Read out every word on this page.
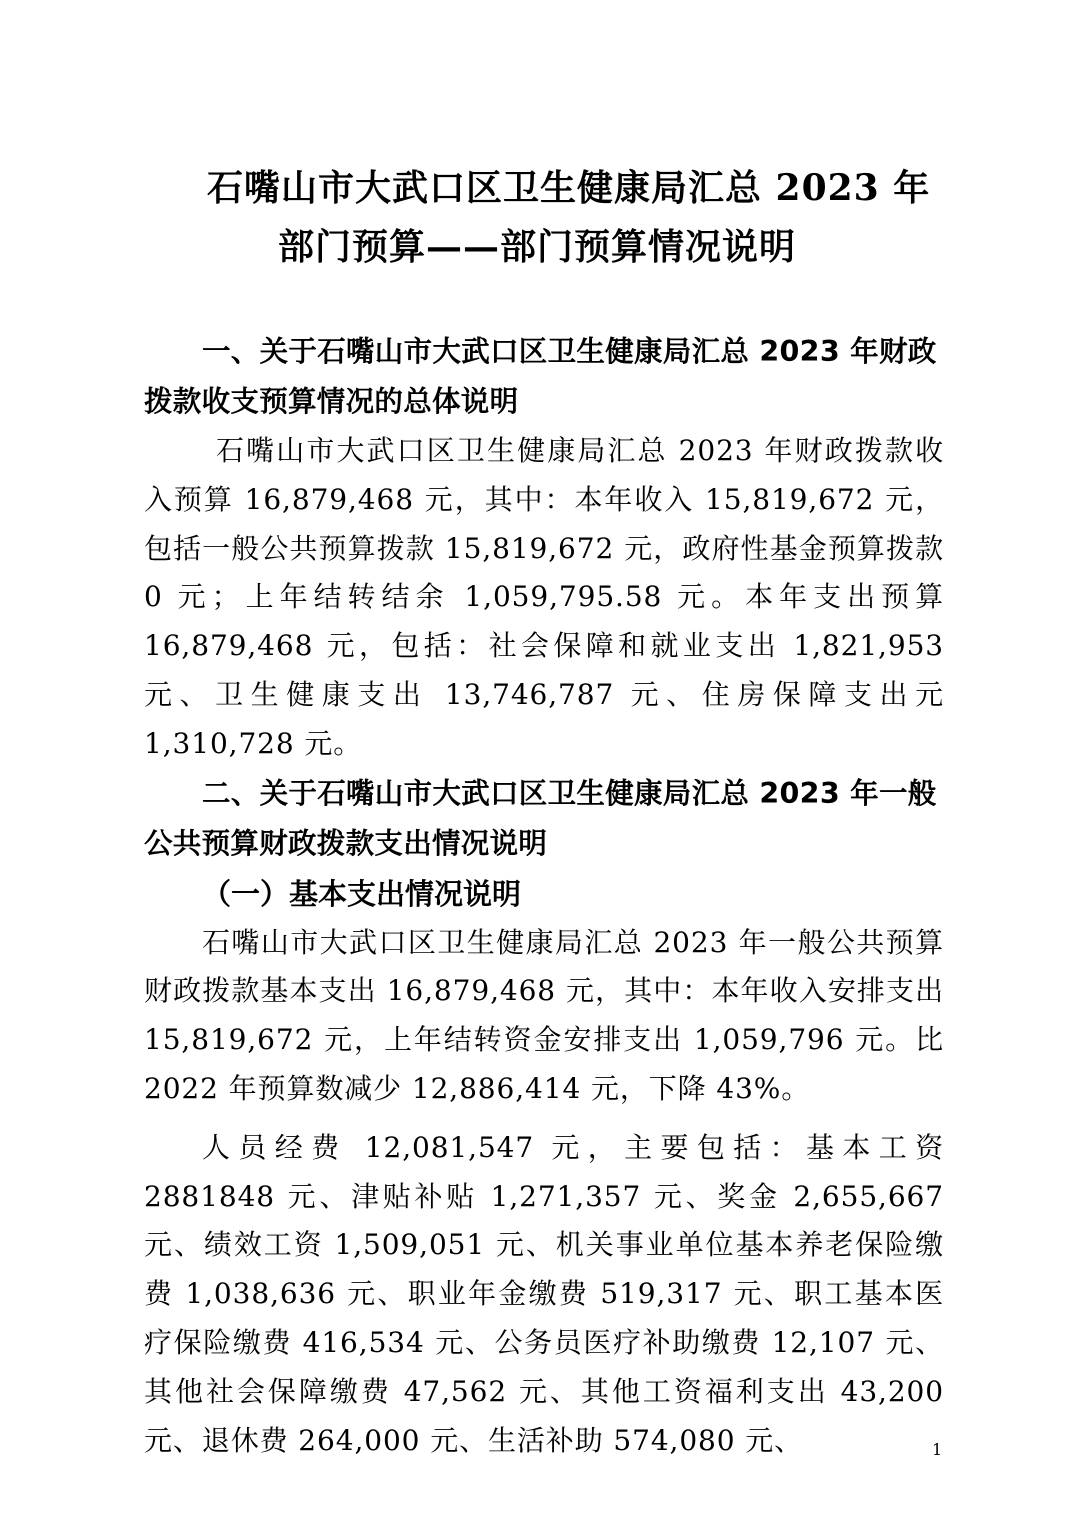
石嘴山市大武口区卫生健康局汇总 2023 年
部门预算——部门预算情况说明

一、关于石嘴山市大武口区卫生健康局汇总 2023 年财政拨款收支预算情况的总体说明

石嘴山市大武口区卫生健康局汇总 2023 年财政拨款收入预算 16,879,468 元，其中：本年收入 15,819,672 元，包括一般公共预算拨款 15,819,672 元，政府性基金预算拨款 0 元；上年结转结余 1,059,795.58 元。本年支出预算 16,879,468 元，包括：社会保障和就业支出 1,821,953 元、卫生健康支出 13,746,787 元、住房保障支出元 1,310,728 元。

二、关于石嘴山市大武口区卫生健康局汇总 2023 年一般公共预算财政拨款支出情况说明

（一）基本支出情况说明

石嘴山市大武口区卫生健康局汇总 2023 年一般公共预算财政拨款基本支出 16,879,468 元，其中：本年收入安排支出 15,819,672 元，上年结转资金安排支出 1,059,796 元。比 2022 年预算数减少 12,886,414 元，下降 43%。

人员经费 12,081,547 元，主要包括：基本工资 2881848 元、津贴补贴 1,271,357 元、奖金 2,655,667 元、绩效工资 1,509,051 元、机关事业单位基本养老保险缴费 1,038,636 元、职业年金缴费 519,317 元、职工基本医疗保险缴费 416,534 元、公务员医疗补助缴费 12,107 元、其他社会保障缴费 47,562 元、其他工资福利支出 43,200 元、退休费 264,000 元、生活补助 574,080 元、	1
